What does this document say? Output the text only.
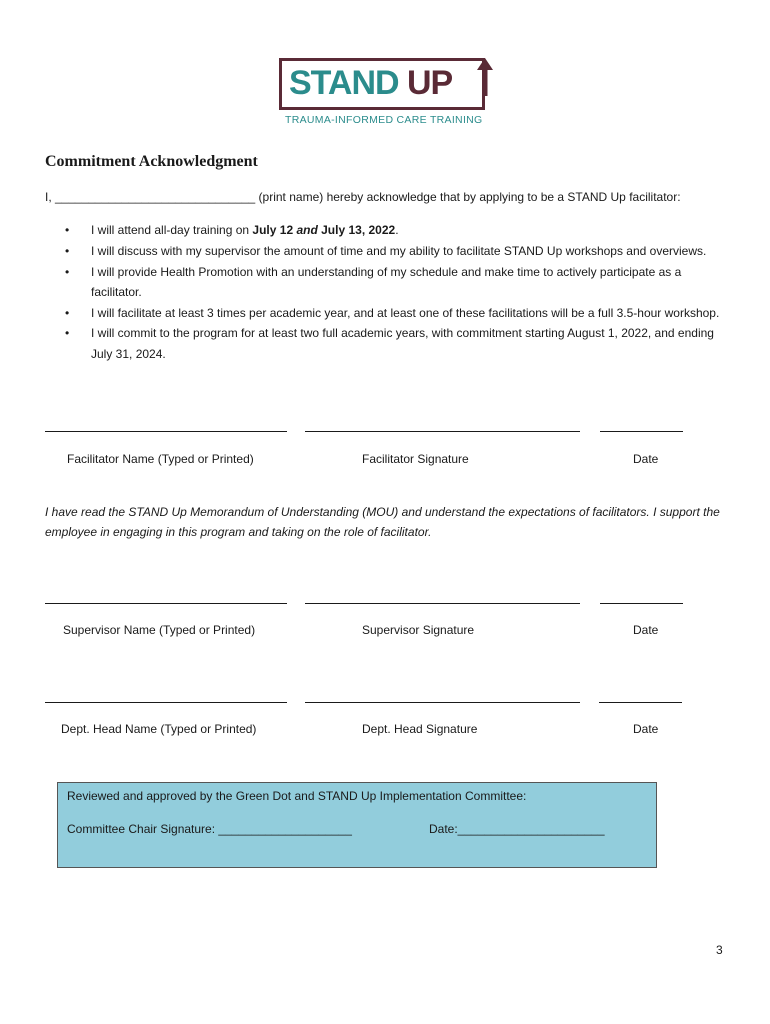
STAND UP
TRAUMA-INFORMED CARE TRAINING
Commitment Acknowledgment
I, ______________________________ (print name) hereby acknowledge that by applying to be a STAND Up facilitator:
• I will attend all-day training on July 12 and July 13, 2022.
• I will discuss with my supervisor the amount of time and my ability to facilitate STAND Up workshops and overviews.
• I will provide Health Promotion with an understanding of my schedule and make time to actively participate as a facilitator.
• I will facilitate at least 3 times per academic year, and at least one of these facilitations will be a full 3.5-hour workshop.
• I will commit to the program for at least two full academic years, with commitment starting August 1, 2022, and ending July 31, 2024.
Facilitator Name (Typed or Printed)	Facilitator Signature	Date
I have read the STAND Up Memorandum of Understanding (MOU) and understand the expectations of facilitators. I support the employee in engaging in this program and taking on the role of facilitator.
Supervisor Name (Typed or Printed)	Supervisor Signature	Date
Dept. Head Name (Typed or Printed)	Dept. Head Signature	Date
Reviewed and approved by the Green Dot and STAND Up Implementation Committee:
Committee Chair Signature: ____________________	Date:______________________
3
